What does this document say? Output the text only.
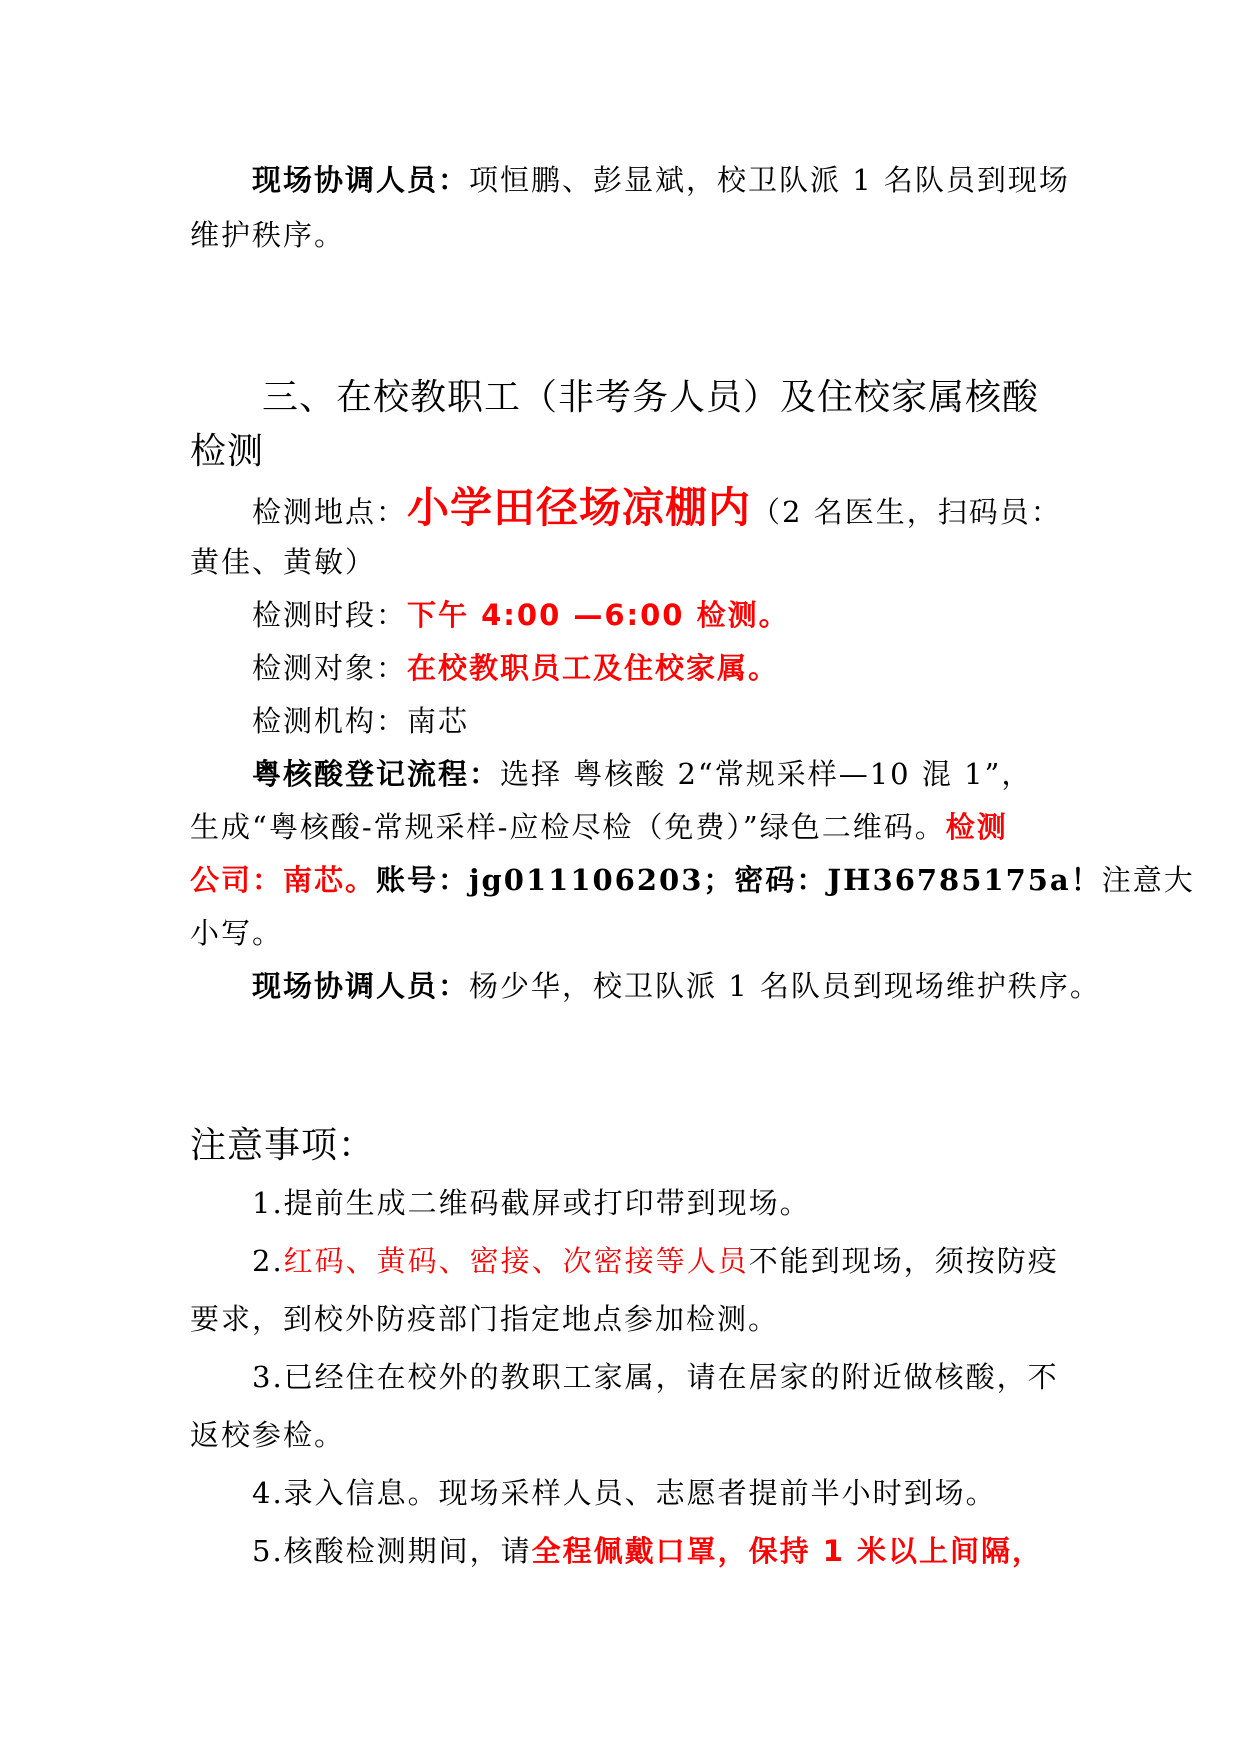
现场协调人员：项恒鹏、彭显斌，校卫队派 1 名队员到现场
维护秩序。
三、在校教职工（非考务人员）及住校家属核酸
检测
检测地点：小学田径场凉棚内（2 名医生，扫码员：
黄佳、黄敏）
检测时段：下午 4:00 —6:00 检测。
检测对象：在校教职员工及住校家属。
检测机构：南芯
粤核酸登记流程：选择 粤核酸 2“常规采样—10 混 1”，
生成“粤核酸-常规采样-应检尽检（免费）”绿色二维码。检测
公司：南芯。账号：jg011106203；密码：JH36785175a！注意大
小写。
现场协调人员：杨少华，校卫队派 1 名队员到现场维护秩序。
注意事项：
1.提前生成二维码截屏或打印带到现场。
2.红码、黄码、密接、次密接等人员不能到现场，须按防疫
要求，到校外防疫部门指定地点参加检测。
3.已经住在校外的教职工家属，请在居家的附近做核酸，不
返校参检。
4.录入信息。现场采样人员、志愿者提前半小时到场。
5.核酸检测期间，请全程佩戴口罩，保持 1 米以上间隔，
